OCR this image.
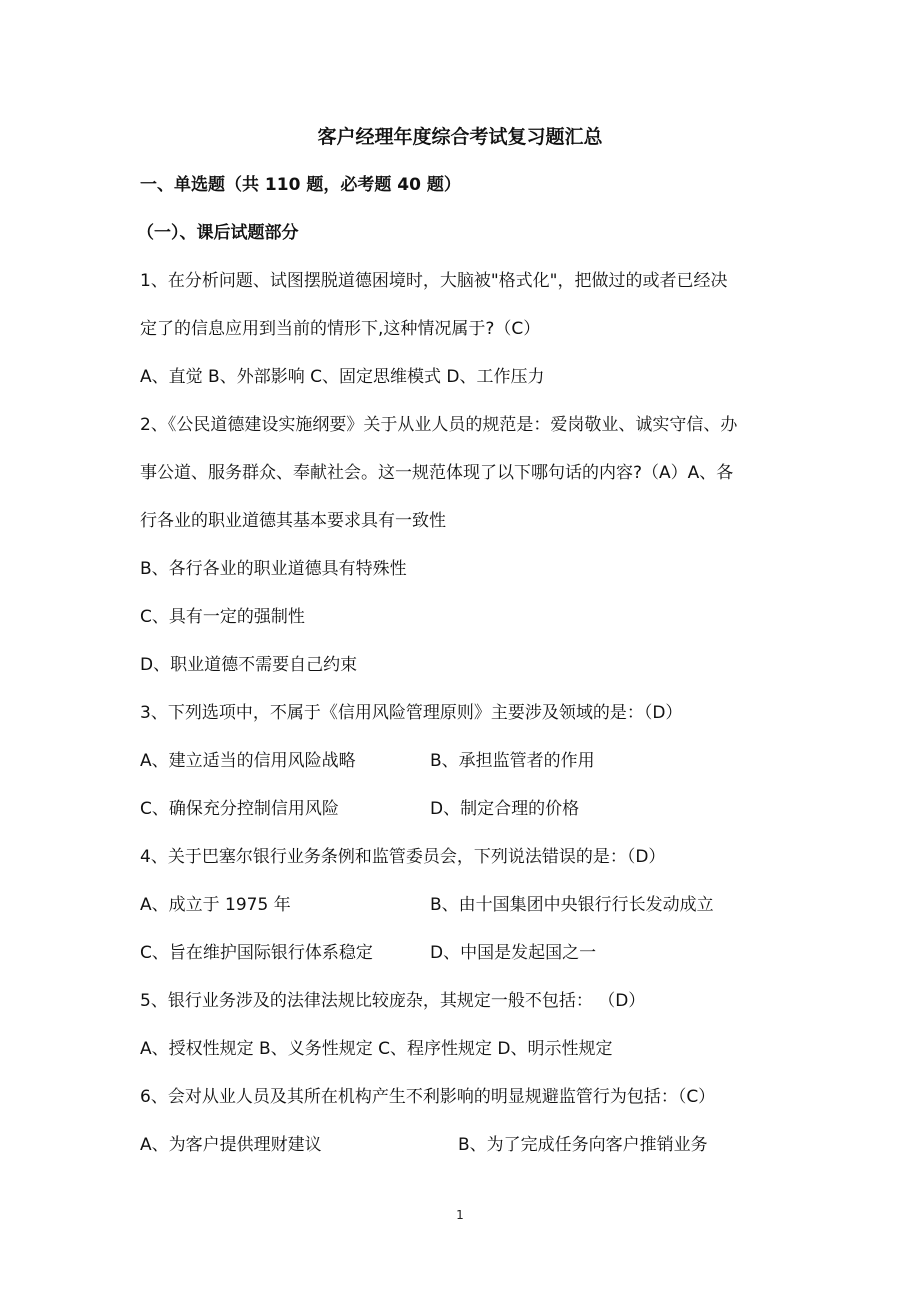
客户经理年度综合考试复习题汇总
一、单选题（共 110 题，必考题 40 题）
（一）、课后试题部分
1、在分析问题、试图摆脱道德困境时，大脑被"格式化"，把做过的或者已经决
定了的信息应用到当前的情形下,这种情况属于?（C）
A、直觉 B、外部影响 C、固定思维模式 D、工作压力
2、《公民道德建设实施纲要》关于从业人员的规范是：爱岗敬业、诚实守信、办
事公道、服务群众、奉献社会。这一规范体现了以下哪句话的内容?（A）A、各
行各业的职业道德其基本要求具有一致性
B、各行各业的职业道德具有特殊性
C、具有一定的强制性
D、职业道德不需要自己约束
3、下列选项中，不属于《信用风险管理原则》主要涉及领域的是：（D）
A、建立适当的信用风险战略	B、承担监管者的作用
C、确保充分控制信用风险	D、制定合理的价格
4、关于巴塞尔银行业务条例和监管委员会，下列说法错误的是：（D）
A、成立于 1975 年	B、由十国集团中央银行行长发动成立
C、旨在维护国际银行体系稳定	D、中国是发起国之一
5、银行业务涉及的法律法规比较庞杂，其规定一般不包括： （D）
A、授权性规定 B、义务性规定 C、程序性规定 D、明示性规定
6、会对从业人员及其所在机构产生不利影响的明显规避监管行为包括：（C）
A、为客户提供理财建议	B、为了完成任务向客户推销业务
1
